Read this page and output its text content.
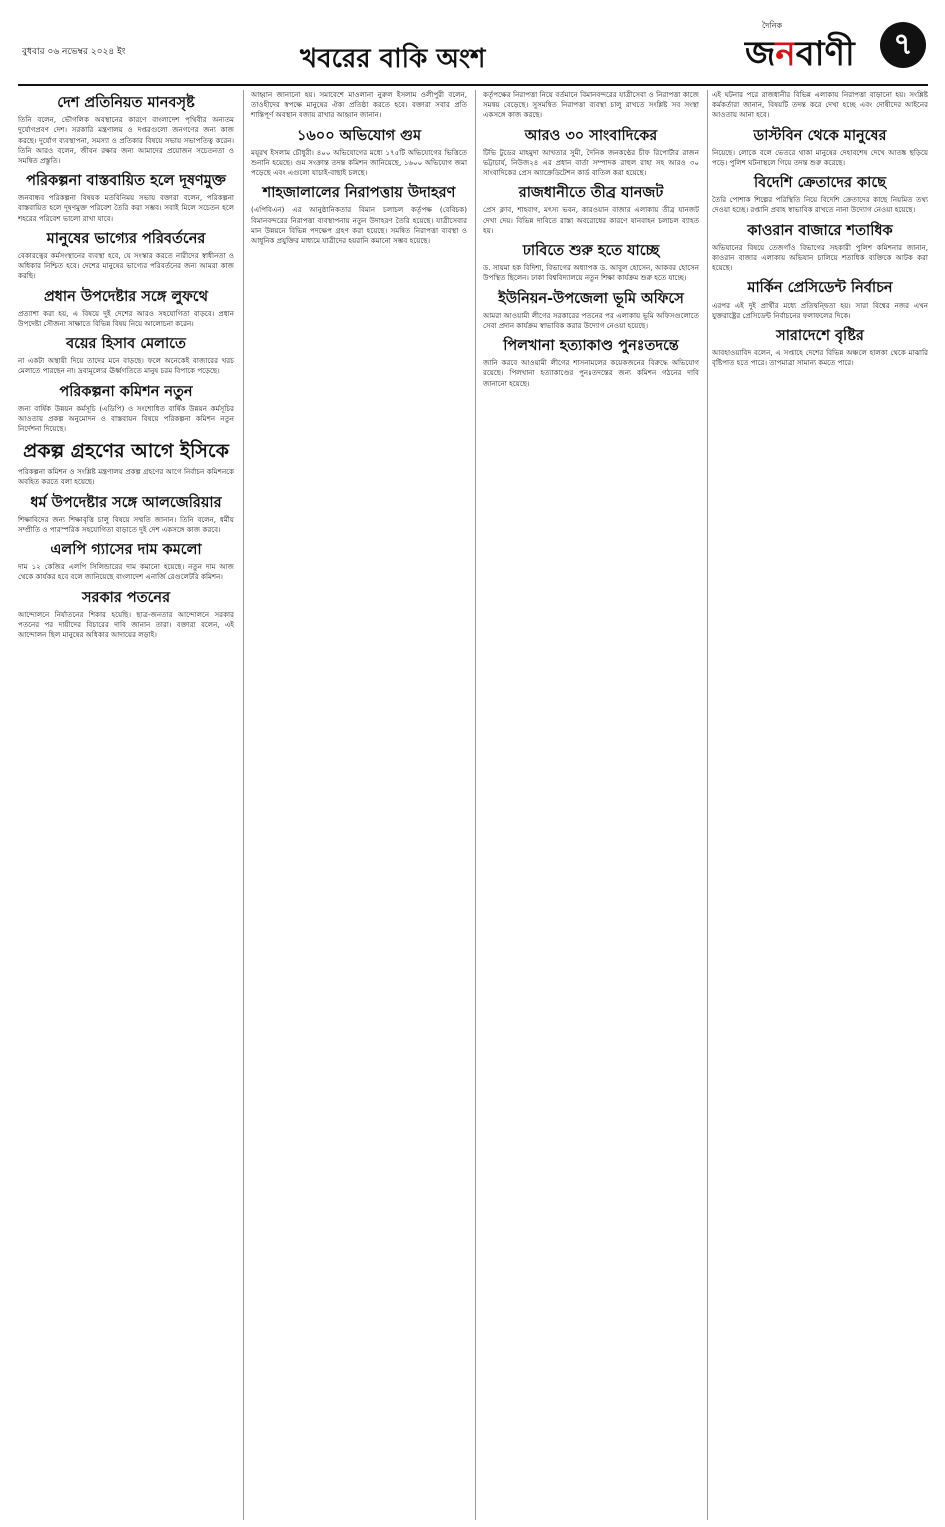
বুধবার ০৬ নভেম্বর ২০২৪ ইং	খবরের বাকি অংশ
দৈনিক
জনবাণী	৭
দেশ প্রতিনিয়ত মানবসৃষ্ট

তিনি বলেন, ভৌগলিক অবস্থানের কারণে বাংলাদেশ পৃথিবীর অন্যতম দুর্যোগপ্রবণ দেশ। সরকারি মন্ত্রণালয় ও দপ্তরগুলো জনগণের জন্য কাজ করছে। দুর্যোগ ব্যবস্থাপনা, সমস্যা ও প্রতিকার বিষয়ে সভায় সভাপতিত্ব করেন। তিনি আরও বলেন, জীবন রক্ষার জন্য আমাদের প্রয়োজন সচেতনতা ও সমন্বিত প্রস্তুতি।

পরিকল্পনা বাস্তবায়িত হলে দূষণমুক্ত

জনবান্ধব পরিকল্পনা বিষয়ক মতবিনিময় সভায় বক্তারা বলেন, পরিকল্পনা বাস্তবায়িত হলে দূষণমুক্ত পরিবেশ তৈরি করা সম্ভব। সবাই মিলে সচেতন হলে শহরের পরিবেশ ভালো রাখা যাবে।

মানুষের ভাগ্যের পরিবর্তনের

বেকারত্বের কর্মসংস্থানের ব্যবস্থা হবে, যে সংস্কার করতে নারীদের স্বাধীনতা ও অধিকার নিশ্চিত হবে। দেশের মানুষের ভাগ্যের পরিবর্তনের জন্য আমরা কাজ করছি।

প্রধান উপদেষ্টার সঙ্গে লুফথে

প্রত্যাশা করা হয়, এ বিষয়ে দুই দেশের আরও সহযোগিতা বাড়বে। প্রধান উপদেষ্টা সৌজন্য সাক্ষাতে বিভিন্ন বিষয় নিয়ে আলোচনা করেন।

বয়ের হিসাব মেলাতে

না একটা অস্থায়ী দিয়ে তাদের মনে বাড়ছে। ফলে অনেকেই বাজারের খরচ মেলাতে পারছেন না। দ্রব্যমূল্যের ঊর্ধ্বগতিতে মানুষ চরম বিপাকে পড়েছে।

পরিকল্পনা কমিশন নতুন

জন্য বার্ষিক উন্নয়ন কর্মসূচি (এডিপি) ও সংশোধিত বার্ষিক উন্নয়ন কর্মসূচির আওতায় প্রকল্প অনুমোদন ও বাস্তবায়ন বিষয়ে পরিকল্পনা কমিশন নতুন নির্দেশনা দিয়েছে।

প্রকল্প গ্রহণের আগে ইসিকে

পরিকল্পনা কমিশন ও সংশ্লিষ্ট মন্ত্রণালয় প্রকল্প গ্রহণের আগে নির্বাচন কমিশনকে অবহিত করতে বলা হয়েছে।

ধর্ম উপদেষ্টার সঙ্গে আলজেরিয়ার

শিক্ষাবিদের জন্য শিক্ষাবৃত্তি চালু বিষয়ে সম্মতি জানান। তিনি বলেন, ধর্মীয় সম্প্রীতি ও পারস্পরিক সহযোগিতা বাড়াতে দুই দেশ একসঙ্গে কাজ করবে।

এলপি গ্যাসের দাম কমলো

দাম ১২ কেজির এলপি সিলিন্ডারের দাম কমানো হয়েছে। নতুন দাম আজ থেকে কার্যকর হবে বলে জানিয়েছে বাংলাদেশ এনার্জি রেগুলেটরি কমিশন।

সরকার পতনের

আন্দোলনে নির্যাতনের শিকার হয়েছি। ছাত্র-জনতার আন্দোলনে সরকার পতনের পর দায়ীদের বিচারের দাবি জানান তারা। বক্তারা বলেন, এই আন্দোলন ছিল মানুষের অধিকার আদায়ের লড়াই।

আহ্বান জানানো হয়। সমাবেশে মাওলানা নুরুল ইসলাম ওলীপুরী বলেন, তাওহীদের স্বপক্ষে মানুষের ঐক্য প্রতিষ্ঠা করতে হবে। বক্তারা সবার প্রতি শান্তিপূর্ণ অবস্থান বজায় রাখার আহ্বান জানান।

১৬০০ অভিযোগ গুম

ময়ূরখ ইসলাম চৌধুরী। ৪০০ অভিযোগের মধ্যে ১৭৫টি অভিযোগের ভিত্তিতে শুনানি হয়েছে। গুম সংক্রান্ত তদন্ত কমিশন জানিয়েছে, ১৬০০ অভিযোগ জমা পড়েছে এবং এগুলো যাচাই-বাছাই চলছে।

শাহজালালের নিরাপত্তায় উদাহরণ

(এপিবিএন) এর আনুষ্ঠানিকতার বিমান চলাচল কর্তৃপক্ষ (বেবিচক) বিমানবন্দরের নিরাপত্তা ব্যবস্থাপনায় নতুন উদাহরণ তৈরি হয়েছে। যাত্রীসেবার মান উন্নয়নে বিভিন্ন পদক্ষেপ গ্রহণ করা হয়েছে। সমন্বিত নিরাপত্তা ব্যবস্থা ও আধুনিক প্রযুক্তির মাধ্যমে যাত্রীদের হয়রানি কমানো সম্ভব হয়েছে।

কর্তৃপক্ষের নিরাপত্তা নিয়ে বর্তমানে বিমানবন্দরের যাত্রীসেবা ও নিরাপত্তা কাজে সমন্বয় বেড়েছে। সুসমন্বিত নিরাপত্তা ব্যবস্থা চালু রাখতে সংশ্লিষ্ট সব সংস্থা একসঙ্গে কাজ করছে।

আরও ৩০ সাংবাদিকের

টিভি টুডের মাহমুদা আখতার সুমী, দৈনিক জনকণ্ঠের চীফ রিপোর্টার রাজন ভট্টাচার্য, নিউজ২৪ এর প্রধান বার্তা সম্পাদক রাহুল রাহা সহ আরও ৩০ সাংবাদিকের প্রেস অ্যাক্রেডিটেশন কার্ড বাতিল করা হয়েছে।

রাজধানীতে তীব্র যানজট

প্রেস ক্লাব, শাহবাগ, মৎস্য ভবন, কারওয়ান বাজার এলাকায় তীব্র যানজট দেখা দেয়। বিভিন্ন দাবিতে রাস্তা অবরোধের কারণে যানবাহন চলাচল ব্যাহত হয়।

ঢাবিতে শুরু হতে যাচ্ছে

ড. সায়মা হক বিদিশা, বিভাগের অধ্যাপক ড. আবুল হোসেন, আকবর হোসেন উপস্থিত ছিলেন। ঢাকা বিশ্ববিদ্যালয়ে নতুন শিক্ষা কার্যক্রম শুরু হতে যাচ্ছে।

ইউনিয়ন-উপজেলা ভূমি অফিসে

আমরা আওয়ামী লীগের সরকারের পতনের পর এলাকায় ভূমি অফিসগুলোতে সেবা প্রদান কার্যক্রম স্বাভাবিক করার উদ্যোগ নেওয়া হয়েছে।

পিলখানা হত্যাকাণ্ড পুনঃতদন্তে

জানি করবে আওয়ামী লীগের শাসনামলের কয়েকজনের বিরুদ্ধে অভিযোগ রয়েছে। পিলখানা হত্যাকাণ্ডের পুনঃতদন্তের জন্য কমিশন গঠনের দাবি জানানো হয়েছে।

এই ঘটনার পরে রাজধানীর বিভিন্ন এলাকায় নিরাপত্তা বাড়ানো হয়। সংশ্লিষ্ট কর্মকর্তারা জানান, বিষয়টি তদন্ত করে দেখা হচ্ছে এবং দোষীদের আইনের আওতায় আনা হবে।

ডাস্টবিন থেকে মানুষের

নিয়েছে। লোকে বলে ভেতরে থাকা মানুষের দেহাবশেষ দেখে আতঙ্ক ছড়িয়ে পড়ে। পুলিশ ঘটনাস্থলে গিয়ে তদন্ত শুরু করেছে।

বিদেশি ক্রেতাদের কাছে

তৈরি পোশাক শিল্পের পরিস্থিতি নিয়ে বিদেশি ক্রেতাদের কাছে নিয়মিত তথ্য দেওয়া হচ্ছে। রপ্তানি প্রবাহ স্বাভাবিক রাখতে নানা উদ্যোগ নেওয়া হয়েছে।

কাওরান বাজারে শতাধিক

অভিযানের বিষয়ে তেজগাঁও বিভাগের সহকারী পুলিশ কমিশনার জানান, কাওরান বাজার এলাকায় অভিযান চালিয়ে শতাধিক ব্যক্তিকে আটক করা হয়েছে।

মার্কিন প্রেসিডেন্ট নির্বাচন

এরপর এই দুই প্রার্থীর মধ্যে প্রতিদ্বন্দ্বিতা হয়। সারা বিশ্বের নজর এখন যুক্তরাষ্ট্রের প্রেসিডেন্ট নির্বাচনের ফলাফলের দিকে।

সারাদেশে বৃষ্টির

আবহাওয়াবিদ বলেন, এ সপ্তাহে দেশের বিভিন্ন অঞ্চলে হালকা থেকে মাঝারি বৃষ্টিপাত হতে পারে। তাপমাত্রা সামান্য কমতে পারে।
